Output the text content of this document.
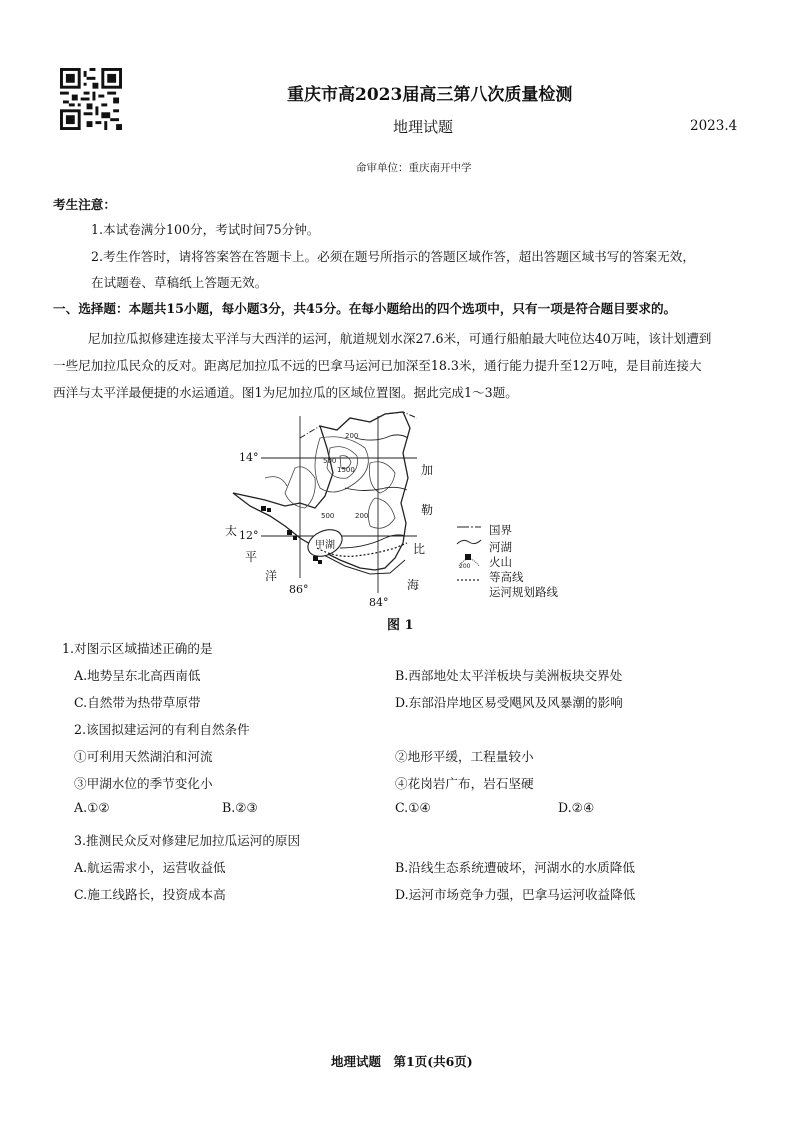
重庆市高2023届高三第八次质量检测
地理试题	2023.4
命审单位：重庆南开中学
考生注意：
1.本试卷满分100分，考试时间75分钟。
2.考生作答时，请将答案答在答题卡上。必须在题号所指示的答题区域作答，超出答题区域书写的答案无效，
在试题卷、草稿纸上答题无效。
一、选择题：本题共15小题，每小题3分，共45分。在每小题给出的四个选项中，只有一项是符合题目要求的。
尼加拉瓜拟修建连接太平洋与大西洋的运河，航道规划水深27.6米，可通行船舶最大吨位达40万吨，该计划遭到
一些尼加拉瓜民众的反对。距离尼加拉瓜不远的巴拿马运河已加深至18.3米，通行能力提升至12万吨，是目前连接大
西洋与太平洋最便捷的水运通道。图1为尼加拉瓜的区域位置图。据此完成1～3题。
500
200
1500
500	200
甲湖
14°
12°
86°
84°
加
勒
比
海
太
平
洋
200
国界
河湖
火山
等高线
运河规划路线
图 1
1.对图示区域描述正确的是
A.地势呈东北高西南低	B.西部地处太平洋板块与美洲板块交界处
C.自然带为热带草原带	D.东部沿岸地区易受飓风及风暴潮的影响
2.该国拟建运河的有利自然条件
①可利用天然湖泊和河流	②地形平缓，工程量较小
③甲湖水位的季节变化小	④花岗岩广布，岩石坚硬
A.①②	B.②③	C.①④	D.②④
3.推测民众反对修建尼加拉瓜运河的原因
A.航运需求小，运营收益低	B.沿线生态系统遭破坏，河湖水的水质降低
C.施工线路长，投资成本高	D.运河市场竞争力强，巴拿马运河收益降低
地理试题　第1页(共6页)
